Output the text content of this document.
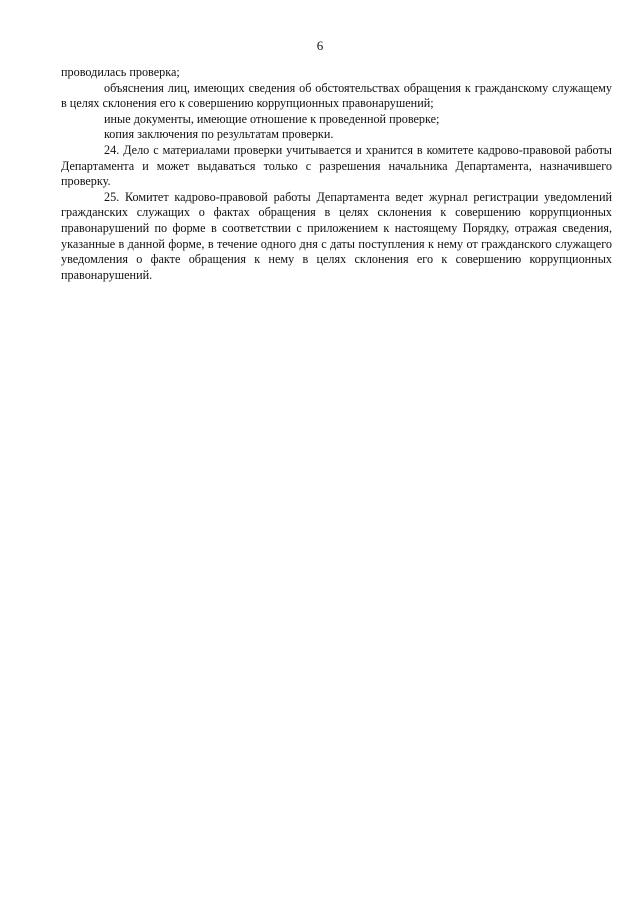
6

проводилась проверка;

объяснения лиц, имеющих сведения об обстоятельствах обращения к гражданскому служащему в целях склонения его к совершению коррупционных правонарушений;

иные документы, имеющие отношение к проведенной проверке;

копия заключения по результатам проверки.

24. Дело с материалами проверки учитывается и хранится в комитете кадрово-правовой работы Департамента и может выдаваться только с разрешения начальника Департамента, назначившего проверку.

25. Комитет кадрово-правовой работы Департамента ведет журнал регистрации уведомлений гражданских служащих о фактах обращения в целях склонения к совершению коррупционных правонарушений по форме в соответствии с приложением к настоящему Порядку, отражая сведения, указанные в данной форме, в течение одного дня с даты поступления к нему от гражданского служащего уведомления о факте обращения к нему в целях склонения его к совершению коррупционных правонарушений.
